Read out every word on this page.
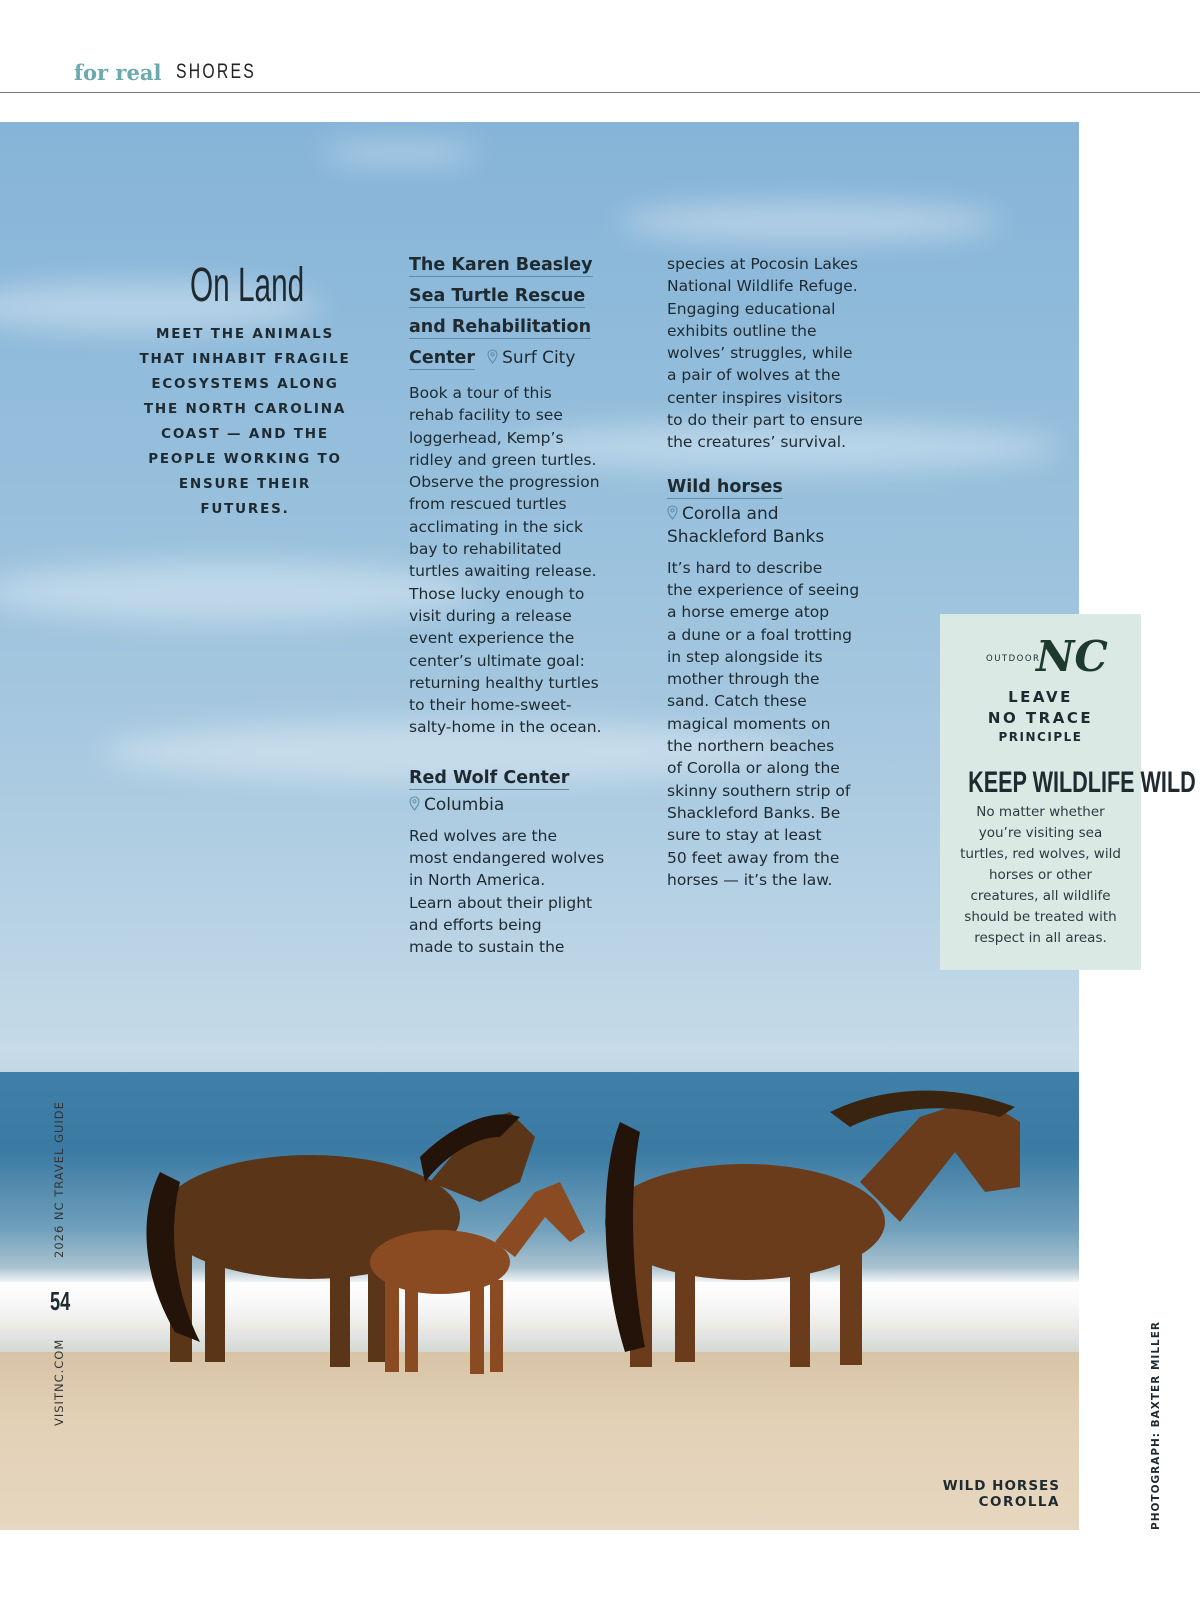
for real SHORES
On Land
MEET THE ANIMALS THAT INHABIT FRAGILE ECOSYSTEMS ALONG THE NORTH CAROLINA COAST — AND THE PEOPLE WORKING TO ENSURE THEIR FUTURES.
The Karen Beasley
Sea Turtle Rescue
and Rehabilitation
Center Surf City
Book a tour of this
rehab facility to see
loggerhead, Kemp’s
ridley and green turtles.
Observe the progression
from rescued turtles
acclimating in the sick
bay to rehabilitated
turtles awaiting release.
Those lucky enough to
visit during a release
event experience the
center’s ultimate goal:
returning healthy turtles
to their home-sweet-
salty-home in the ocean.
Red Wolf Center
Columbia
Red wolves are the
most endangered wolves
in North America.
Learn about their plight
and efforts being
made to sustain the
species at Pocosin Lakes
National Wildlife Refuge.
Engaging educational
exhibits outline the
wolves’ struggles, while
a pair of wolves at the
center inspires visitors
to do their part to ensure
the creatures’ survival.
Wild horses
Corolla and
Shackleford Banks
It’s hard to describe
the experience of seeing
a horse emerge atop
a dune or a foal trotting
in step alongside its
mother through the
sand. Catch these
magical moments on
the northern beaches
of Corolla or along the
skinny southern strip of
Shackleford Banks. Be
sure to stay at least
50 feet away from the
horses — it’s the law.
OUTDOOR
NC
LEAVE
NO TRACE
PRINCIPLE
KEEP WILDLIFE WILD
No matter whether you’re visiting sea turtles, red wolves, wild horses or other creatures, all wildlife should be treated with respect in all areas.
WILD HORSES
COROLLA	PHOTOGRAPH: BAXTER MILLER
2026 NC TRAVEL GUIDE
54
VISITNC.COM
